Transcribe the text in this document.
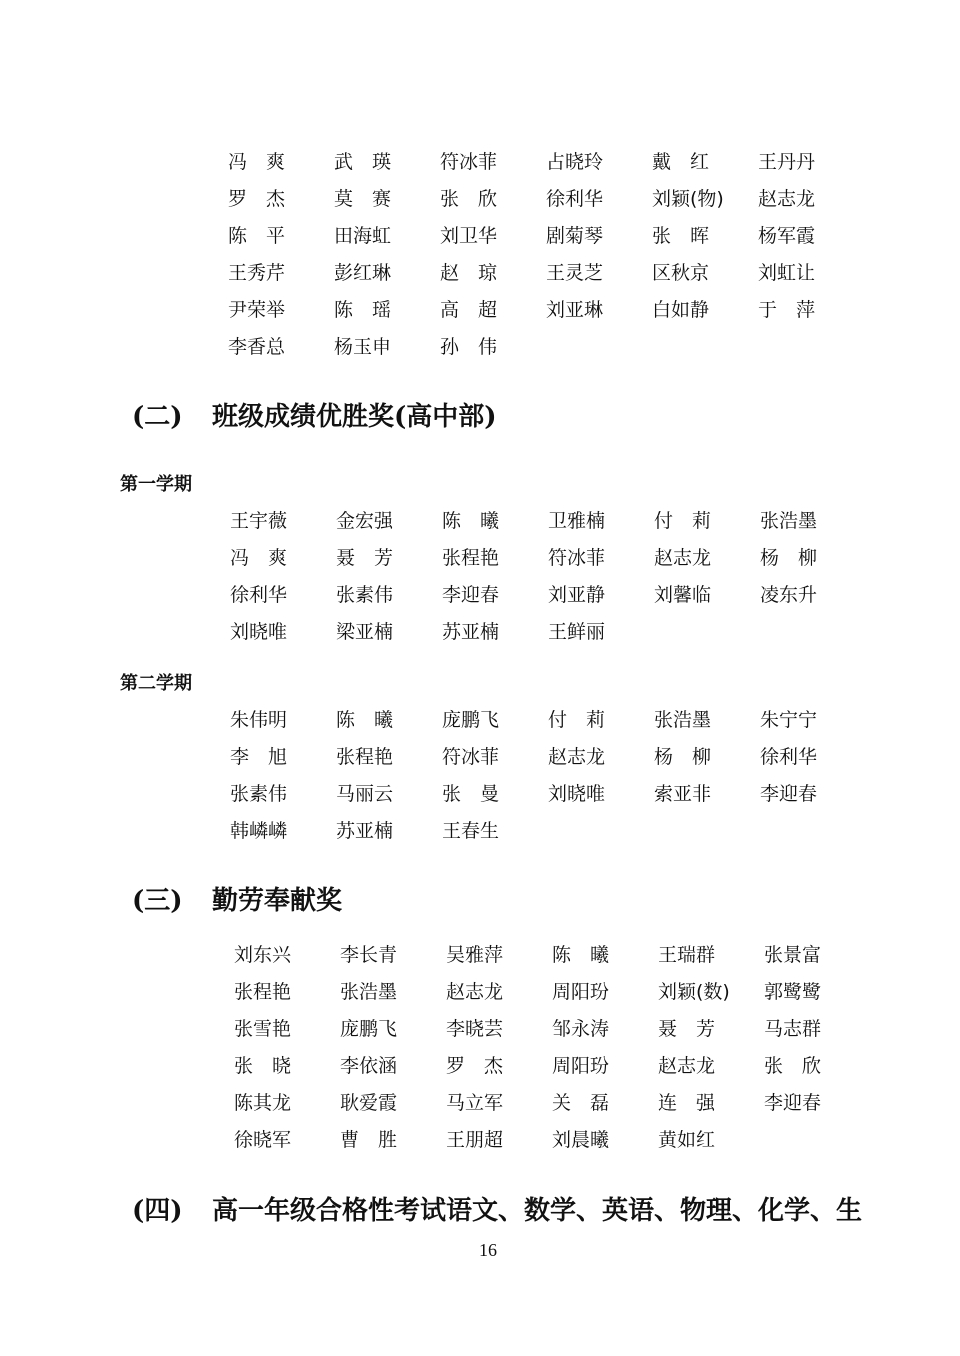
冯　爽	武　瑛	符冰菲	占晓玲	戴　红	王丹丹
罗　杰	莫　赛	张　欣	徐利华	刘颖(物)	赵志龙
陈　平	田海虹	刘卫华	剧菊琴	张　晖	杨军霞
王秀芹	彭红琳	赵　琼	王灵芝	区秋京	刘虹让
尹荣举	陈　瑶	高　超	刘亚琳	白如静	于　萍
李香总	杨玉申	孙　伟
(二) 班级成绩优胜奖(高中部)
第一学期
王宇薇	金宏强	陈　曦	卫雅楠	付　莉	张浩墨
冯　爽	聂　芳	张程艳	符冰菲	赵志龙	杨　柳
徐利华	张素伟	李迎春	刘亚静	刘馨临	凌东升
刘晓唯	梁亚楠	苏亚楠	王鲜丽
第二学期
朱伟明	陈　曦	庞鹏飞	付　莉	张浩墨	朱宁宁
李　旭	张程艳	符冰菲	赵志龙	杨　柳	徐利华
张素伟	马丽云	张　曼	刘晓唯	索亚非	李迎春
韩嶙嶙	苏亚楠	王春生
(三) 勤劳奉献奖
刘东兴	李长青	吴雅萍	陈　曦	王瑞群	张景富
张程艳	张浩墨	赵志龙	周阳玢	刘颖(数)	郭鹭鹭
张雪艳	庞鹏飞	李晓芸	邹永涛	聂　芳	马志群
张　晓	李依涵	罗　杰	周阳玢	赵志龙	张　欣
陈其龙	耿爱霞	马立军	关　磊	连　强	李迎春
徐晓军	曹　胜	王朋超	刘晨曦	黄如红
(四) 高一年级合格性考试语文、数学、英语、物理、化学、生
16
